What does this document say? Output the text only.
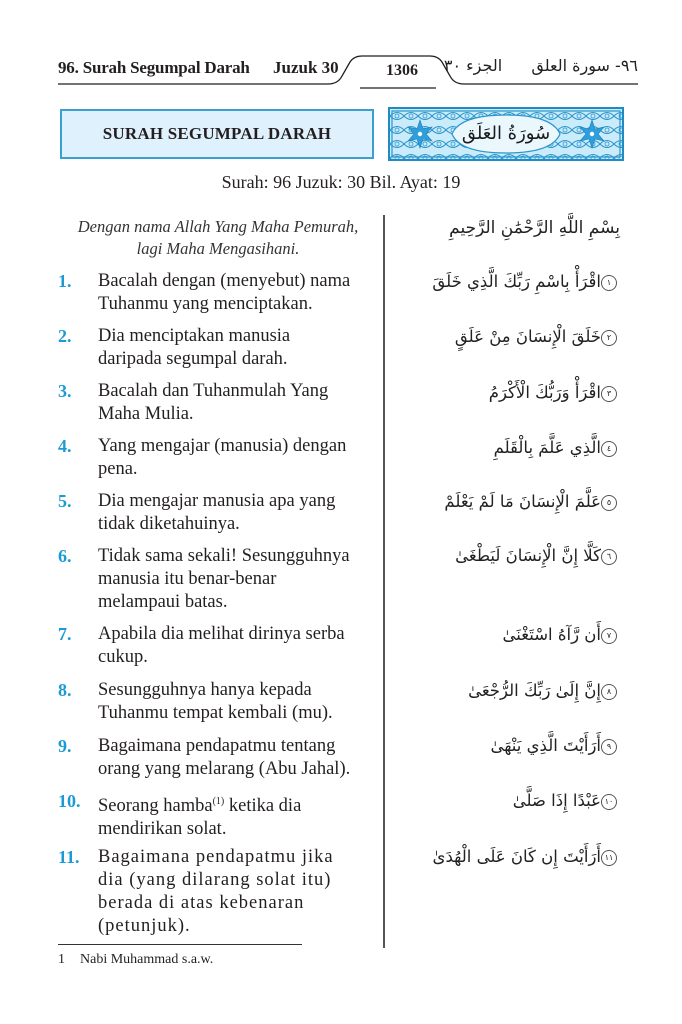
96. Surah Segumpal Darah Juzuk 30	1306	الجزء ٣٠	٩٦- سورة العلق
SURAH SEGUMPAL DARAH	سُورَةُ العَلَق
Surah: 96 Juzuk: 30 Bil. Ayat: 19
Dengan nama Allah Yang Maha Pemurah,
lagi Maha Mengasihani.
بِسْمِ اللَّهِ الرَّحْمَٰنِ الرَّحِيمِ
1. Bacalah dengan (menyebut) nama
Tuhanmu yang menciptakan.
١اقْرَأْ بِاسْمِ رَبِّكَ الَّذِي خَلَقَ
2. Dia menciptakan manusia
daripada segumpal darah.
٢خَلَقَ الْإِنسَانَ مِنْ عَلَقٍ
3. Bacalah dan Tuhanmulah Yang
Maha Mulia.
٣اقْرَأْ وَرَبُّكَ الْأَكْرَمُ
4. Yang mengajar (manusia) dengan
pena.
٤الَّذِي عَلَّمَ بِالْقَلَمِ
5. Dia mengajar manusia apa yang
tidak diketahuinya.
٥عَلَّمَ الْإِنسَانَ مَا لَمْ يَعْلَمْ
6. Tidak sama sekali! Sesungguhnya
manusia itu benar-benar
melampaui batas.
٦كَلَّا إِنَّ الْإِنسَانَ لَيَطْغَىٰ
7. Apabila dia melihat dirinya serba
cukup.
٧أَن رَّآهُ اسْتَغْنَىٰ
8. Sesungguhnya hanya kepada
Tuhanmu tempat kembali (mu).
٨إِنَّ إِلَىٰ رَبِّكَ الرُّجْعَىٰ
9. Bagaimana pendapatmu tentang
orang yang melarang (Abu Jahal).
٩أَرَأَيْتَ الَّذِي يَنْهَىٰ
10. Seorang hamba$^{(1)}$ ketika dia
mendirikan solat.
١٠عَبْدًا إِذَا صَلَّىٰ
11. Bagaimana pendapatmu jika
dia (yang dilarang solat itu)
berada di atas kebenaran
(petunjuk).
١١أَرَأَيْتَ إِن كَانَ عَلَى الْهُدَىٰ
1 Nabi Muhammad s.a.w.
